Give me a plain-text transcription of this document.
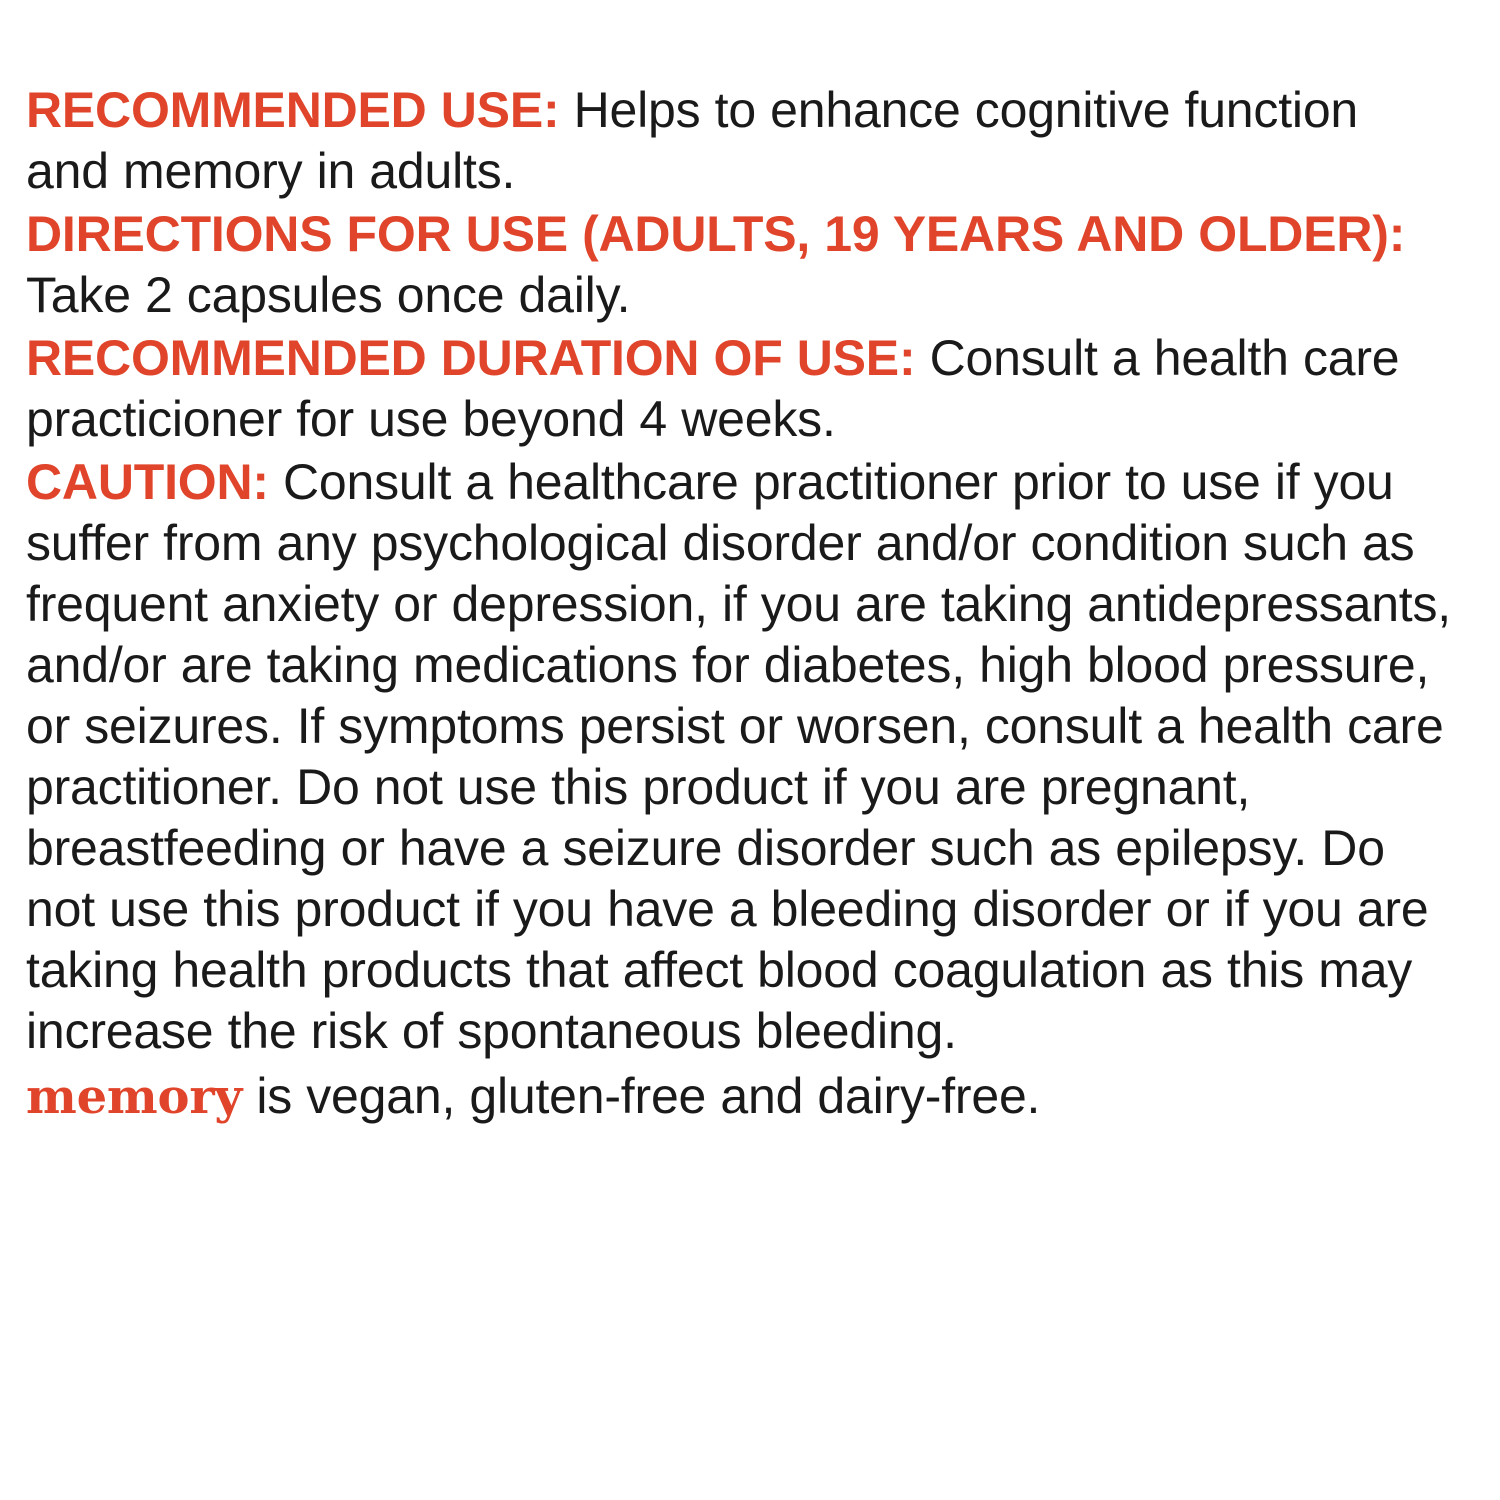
RECOMMENDED USE: Helps to enhance cognitive function and memory in adults.

DIRECTIONS FOR USE (ADULTS, 19 YEARS AND OLDER): Take 2 capsules once daily.

RECOMMENDED DURATION OF USE: Consult a health care practicioner for use beyond 4 weeks.

CAUTION: Consult a healthcare practitioner prior to use if you suffer from any psychological disorder and/or condition such as frequent anxiety or depression, if you are taking antidepressants, and/or are taking medications for diabetes, high blood pressure, or seizures. If symptoms persist or worsen, consult a health care practitioner. Do not use this product if you are pregnant, breastfeeding or have a seizure disorder such as epilepsy. Do not use this product if you have a bleeding disorder or if you are taking health products that affect blood coagulation as this may increase the risk of spontaneous bleeding.

memory is vegan, gluten-free and dairy-free.
